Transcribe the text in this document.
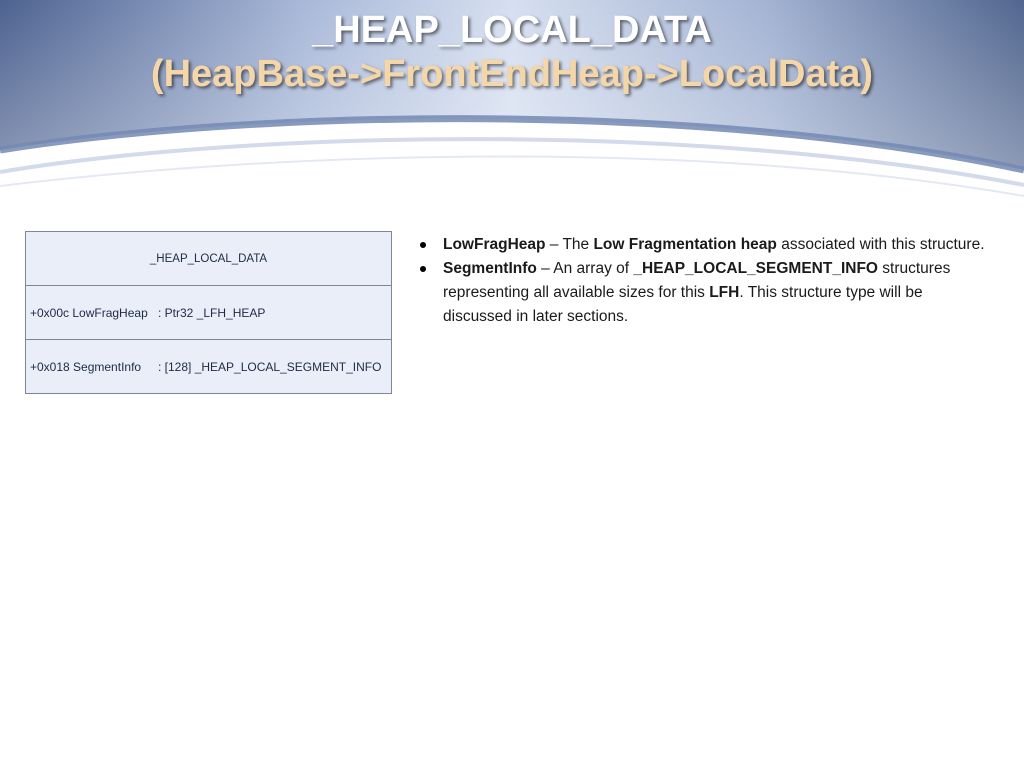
_HEAP_LOCAL_DATA
(HeapBase->FrontEndHeap->LocalData)
_HEAP_LOCAL_DATA
+0x00c LowFragHeap : Ptr32 _LFH_HEAP
+0x018 SegmentInfo : [128] _HEAP_LOCAL_SEGMENT_INFO
LowFragHeap – The Low Fragmentation heap associated with this structure.
SegmentInfo – An array of _HEAP_LOCAL_SEGMENT_INFO structures representing all available sizes for this LFH. This structure type will be discussed in later sections.
